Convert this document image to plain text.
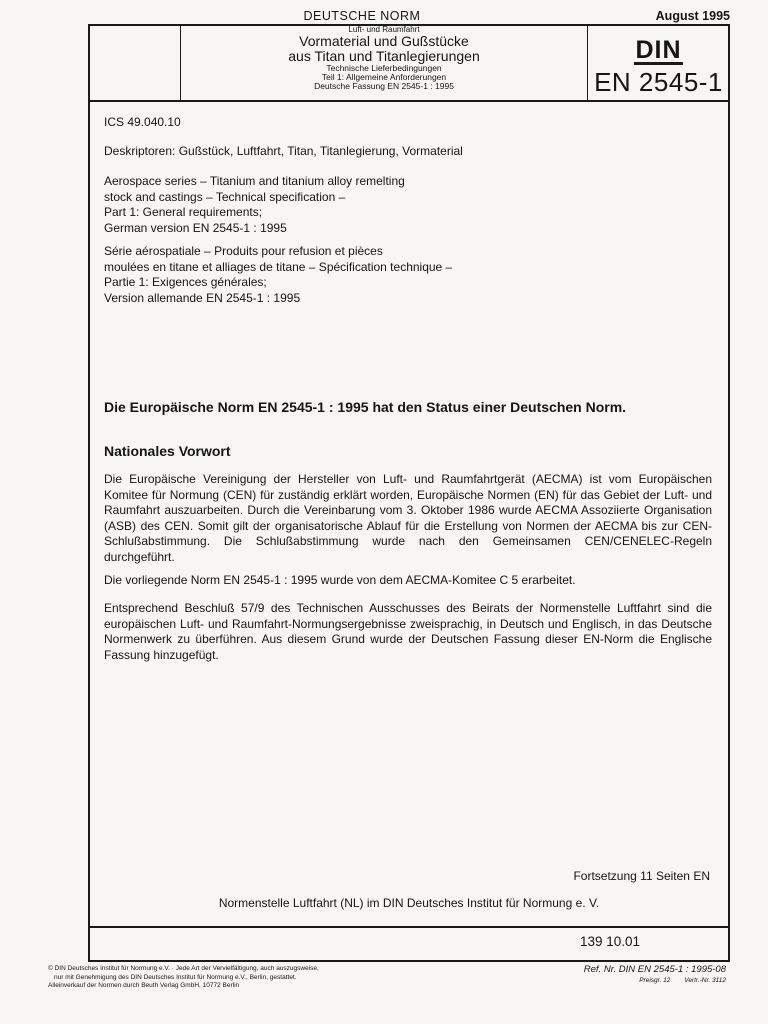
DEUTSCHE NORM	August 1995
Luft- und Raumfahrt
Vormaterial und Gußstücke
aus Titan und Titanlegierungen
Technische Lieferbedingungen
Teil 1: Allgemeine Anforderungen
Deutsche Fassung EN 2545-1 : 1995
DIN
EN 2545-1

ICS 49.040.10

Deskriptoren: Gußstück, Luftfahrt, Titan, Titanlegierung, Vormaterial

Aerospace series – Titanium and titanium alloy remelting

stock and castings – Technical specification –

Part 1: General requirements;

German version EN 2545-1 : 1995

Série aérospatiale – Produits pour refusion et pièces

moulées en titane et alliages de titane – Spécification technique –

Partie 1: Exigences générales;

Version allemande EN 2545-1 : 1995

Die Europäische Norm EN 2545-1 : 1995 hat den Status einer Deutschen Norm.
Nationales Vorwort

Die Europäische Vereinigung der Hersteller von Luft- und Raumfahrtgerät (AECMA) ist vom Europäischen Komitee für Normung (CEN) für zuständig erklärt worden, Europäische Normen (EN) für das Gebiet der Luft- und Raumfahrt auszuarbeiten. Durch die Vereinbarung vom 3. Oktober 1986 wurde AECMA Assoziierte Organisation (ASB) des CEN. Somit gilt der organisatorische Ablauf für die Erstellung von Normen der AECMA bis zur CEN-Schlußabstimmung. Die Schlußabstimmung wurde nach den Gemeinsamen CEN/CENELEC-Regeln durchgeführt.

Die vorliegende Norm EN 2545-1 : 1995 wurde von dem AECMA-Komitee C 5 erarbeitet.

Entsprechend Beschluß 57/9 des Technischen Ausschusses des Beirats der Normenstelle Luftfahrt sind die europäischen Luft- und Raumfahrt-Normungsergebnisse zweisprachig, in Deutsch und Englisch, in das Deutsche Normenwerk zu überführen. Aus diesem Grund wurde der Deutschen Fassung dieser EN-Norm die Englische Fassung hinzugefügt.

Fortsetzung 11 Seiten EN
Normenstelle Luftfahrt (NL) im DIN Deutsches Institut für Normung e. V.
139 10.01
© DIN Deutsches Institut für Normung e.V. · Jede Art der Vervielfältigung, auch auszugsweise,
nur mit Genehmigung des DIN Deutsches Institut für Normung e.V., Berlin, gestattet.
Alleinverkauf der Normen durch Beuth Verlag GmbH, 10772 Berlin
Ref. Nr. DIN EN 2545-1 : 1995-08
Preisgr. 12 Vertr.-Nr. 3112
